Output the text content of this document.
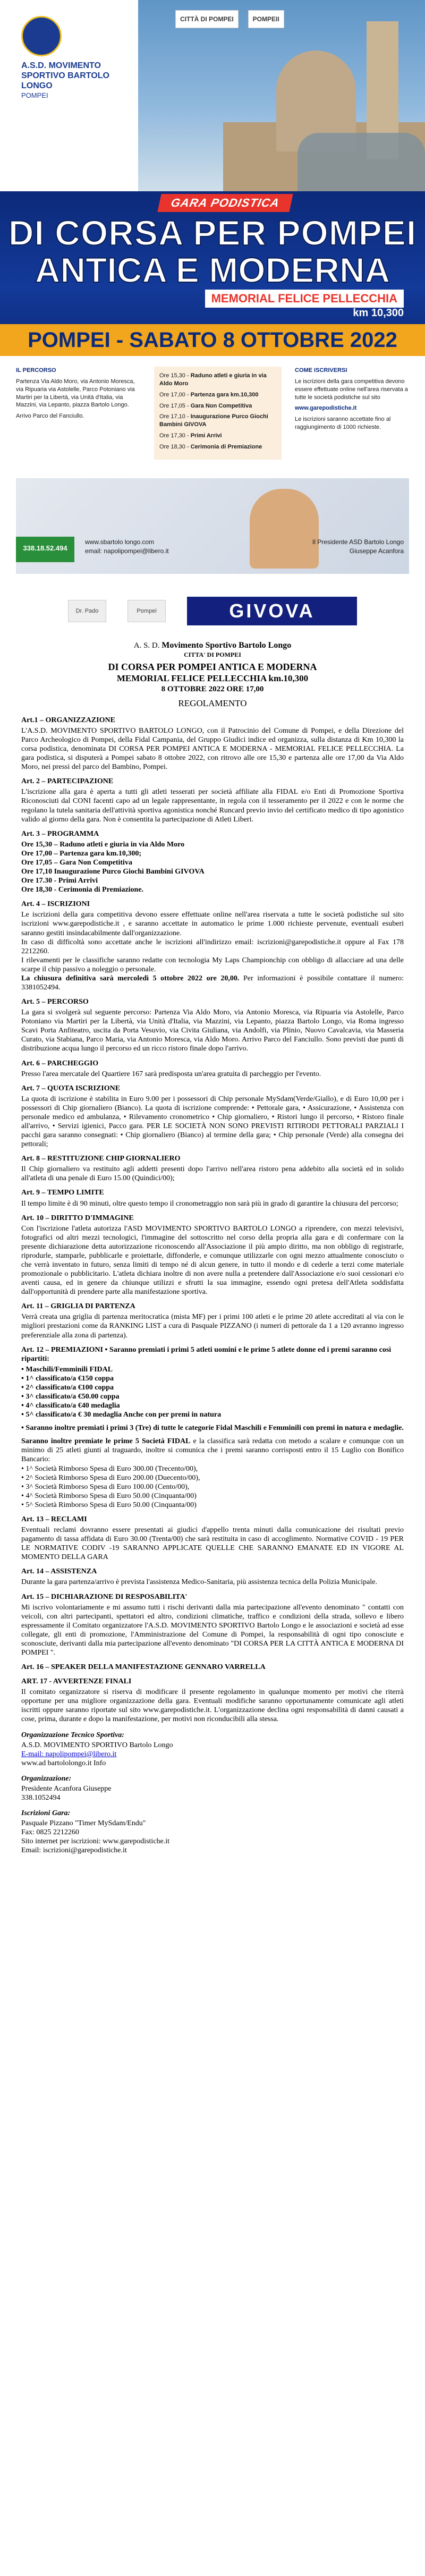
A.S.D. MOVIMENTO SPORTIVO BARTOLO LONGO
POMPEI
CITTÀ DI POMPEI	POMPEII
GARA PODISTICA
DI CORSA PER POMPEI
ANTICA E MODERNA
MEMORIAL FELICE PELLECCHIA
km 10,300
POMPEI - SABATO 8 OTTOBRE 2022
IL PERCORSO

Partenza Via Aldo Moro, via Antonio Moresca, via Ripuaria via Astolelle, Parco Potoniano via Martiri per la Libertà, via Unità d'Italia, via Mazzini, via Lepanto, piazza Bartolo Longo.

Arrivo Parco del Fanciullo.

Ore 15,30 - Raduno atleti e giuria in via Aldo Moro

Ore 17,00 - Partenza gara km.10,300

Ore 17,05 - Gara Non Competitiva

Ore 17,10 - Inaugurazione Purco Giochi Bambini GIVOVA

Ore 17,30 - Primi Arrivi

Ore 18,30 - Cerimonia di Premiazione

COME ISCRIVERSI

Le iscrizioni della gara competitiva devono essere effettuate online nell'area riservata a tutte le società podistiche sul sito

www.garepodistiche.it

Le iscrizioni saranno accettate fino al raggiungimento di 1000 richieste.

338.18.52.494
www.sbartolo longo.com
email: napolipompei@libero.it
Il Presidente ASD Bartolo Longo
Giuseppe Acanfora
Dr. Pado	Pompei	GIVOVA
A. S. D. Movimento Sportivo Bartolo Longo
CITTA' DI POMPEI
DI CORSA PER POMPEI ANTICA E MODERNA
MEMORIAL FELICE PELLECCHIA km.10,300
8 OTTOBRE 2022 ORE 17,00
REGOLAMENTO
Art.1 – ORGANIZZAZIONE

L'A.S.D. MOVIMENTO SPORTIVO BARTOLO LONGO, con il Patrocinio del Comune di Pompei, e della Direzione del Parco Archeologico di Pompei, della Fidal Campania, del Gruppo Giudici indice ed organizza, sulla distanza di Km 10,300 la corsa podistica, denominata DI CORSA PER POMPEI ANTICA E MODERNA - MEMORIAL FELICE PELLECCHIA. La gara podistica, si disputerà a Pompei sabato 8 ottobre 2022, con ritrovo alle ore 15,30 e partenza alle ore 17,00 da Via Aldo Moro, nei pressi del parco del Bambino, Pompei.

Art. 2 – PARTECIPAZIONE

L'iscrizione alla gara è aperta a tutti gli atleti tesserati per società affiliate alla FIDAL e/o Enti di Promozione Sportiva Riconosciuti dal CONI facenti capo ad un legale rappresentante, in regola con il tesseramento per il 2022 e con le norme che regolano la tutela sanitaria dell'attività sportiva agonistica nonché Runcard previo invio del certificato medico di tipo agonistico valido al giorno della gara. Non è consentita la partecipazione di Atleti Liberi.

Art. 3 – PROGRAMMA

Ore 15,30 – Raduno atleti e giuria in via Aldo Moro

Ore 17,00 – Partenza gara km.10,300;

Ore 17,05 – Gara Non Competitiva

Ore 17,10 Inaugurazione Purco Giochi Bambini GIVOVA

Ore 17.30 - Primi Arrivi

Ore 18,30 - Cerimonia di Premiazione.

Art. 4 – ISCRIZIONI

Le iscrizioni della gara competitiva devono essere effettuate online nell'area riservata a tutte le società podistiche sul sito iscrizioni www.garepodistiche.it , e saranno accettate in automatico le prime 1.000 richieste pervenute, eventuali esuberi saranno gestiti insindacabilmente dall'organizzazione.

In caso di difficoltà sono accettate anche le iscrizioni all'indirizzo email: iscrizioni@garepodistiche.it oppure al Fax 178 2212260.

I rilevamenti per le classifiche saranno redatte con tecnologia My Laps Championchip con obbligo di allacciare ad una delle scarpe il chip passivo a noleggio o personale.

La chiusura definitiva sarà mercoledì 5 ottobre 2022 ore 20,00. Per informazioni è possibile contattare il numero: 3381052494.

Art. 5 – PERCORSO

La gara si svolgerà sul seguente percorso: Partenza Via Aldo Moro, via Antonio Moresca, via Ripuaria via Astolelle, Parco Potoniano via Martiri per la Libertà, via Unità d'Italia, via Mazzini, via Lepanto, piazza Bartolo Longo, via Roma ingresso Scavi Porta Anfiteatro, uscita da Porta Vesuvio, via Civita Giuliana, via Andolfi, via Plinio, Nuovo Cavalcavia, via Masseria Curato, via Stabiana, Parco Maria, via Antonio Moresca, via Aldo Moro. Arrivo Parco del Fanciullo. Sono previsti due punti di distribuzione acqua lungo il percorso ed un ricco ristoro finale dopo l'arrivo.

Art. 6 – PARCHEGGIO

Presso l'area mercatale del Quartiere 167 sarà predisposta un'area gratuita di parcheggio per l'evento.

Art. 7 – QUOTA ISCRIZIONE

La quota di iscrizione è stabilita in Euro 9.00 per i possessori di Chip personale MySdam(Verde/Giallo), e di Euro 10,00 per i possessori di Chip giornaliero (Bianco). La quota di iscrizione comprende: • Pettorale gara, • Assicurazione, • Assistenza con personale medico ed ambulanza, • Rilevamento cronometrico • Chip giornaliero, • Ristori lungo il percorso, • Ristoro finale all'arrivo, • Servizi igienici, Pacco gara. PER LE SOCIETÀ NON SONO PREVISTI RITIRODI PETTORALI PARZIALI I pacchi gara saranno consegnati: • Chip giornaliero (Bianco) al termine della gara; • Chip personale (Verde) alla consegna dei pettorali;

Art. 8 – RESTITUZIONE CHIP GIORNALIERO

Il Chip giornaliero va restituito agli addetti presenti dopo l'arrivo nell'area ristoro pena addebito alla società ed in solido all'atleta di una penale di Euro 15.00 (Quindici/00);

Art. 9 – TEMPO LIMITE

Il tempo limite è di 90 minuti, oltre questo tempo il cronometraggio non sarà più in grado di garantire la chiusura del percorso;

Art. 10 – DIRITTO D'IMMAGINE

Con l'iscrizione l'atleta autorizza l'ASD MOVIMENTO SPORTIVO BARTOLO LONGO a riprendere, con mezzi televisivi, fotografici od altri mezzi tecnologici, l'immagine del sottoscritto nel corso della propria alla gara e di confermare con la presente dichiarazione detta autorizzazione riconoscendo all'Associazione il più ampio diritto, ma non obbligo di registrarle, riprodurle, stamparle, pubblicarle e proiettarle, diffonderle, e comunque utilizzarle con ogni mezzo attualmente conosciuto o che verrà inventato in futuro, senza limiti di tempo né di alcun genere, in tutto il mondo e di cederle a terzi come materiale promozionale o pubblicitario. L'atleta dichiara inoltre di non avere nulla a pretendere dall'Associazione e/o suoi cessionari e/o aventi causa, ed in genere da chiunque utilizzi e sfrutti la sua immagine, essendo ogni pretesa dell'Atleta soddisfatta dall'opportunità di prendere parte alla manifestazione sportiva.

Art. 11 – GRIGLIA DI PARTENZA

Verrà creata una griglia di partenza meritocratica (mista MF) per i primi 100 atleti e le prime 20 atlete accreditati al via con le migliori prestazioni come da RANKING LIST a cura di Pasquale PIZZANO (i numeri di pettorale da 1 a 120 avranno ingresso preferenziale alla zona di partenza).

Art. 12 – PREMIAZIONI • Saranno premiati i primi 5 atleti uomini e le prime 5 atlete donne ed i premi saranno così ripartiti:

• Maschili/Femminili FIDAL

• 1^ classificato/a €150 coppa

• 2^ classificato/a €100 coppa

• 3^ classificato/a €50.00 coppa

• 4^ classificato/a €40 medaglia

• 5^ classificato/a € 30 medaglia Anche con per premi in natura

• Saranno inoltre premiati i primi 3 (Tre) di tutte le categorie Fidal Maschili e Femminili con premi in natura e medaglie.

Saranno inoltre premiate le prime 5 Società FIDAL e la classifica sarà redatta con metodo a scalare e comunque con un minimo di 25 atleti giunti al traguardo, inoltre si comunica che i premi saranno corrisposti entro il 15 Luglio con Bonifico Bancario:

• 1^ Società Rimborso Spesa di Euro 300.00 (Trecento/00),

• 2^ Società Rimborso Spesa di Euro 200.00 (Duecento/00),

• 3^ Società Rimborso Spesa di Euro 100.00 (Cento/00),

• 4^ Società Rimborso Spesa di Euro 50.00 (Cinquanta/00)

• 5^ Società Rimborso Spesa di Euro 50.00 (Cinquanta/00)

Art. 13 – RECLAMI

Eventuali reclami dovranno essere presentati ai giudici d'appello trenta minuti dalla comunicazione dei risultati previo pagamento di tassa affidata di Euro 30.00 (Trenta/00) che sarà restituita in caso di accoglimento. Normative COVID - 19 PER LE NORMATIVE CODIV -19 SARANNO APPLICATE QUELLE CHE SARANNO EMANATE ED IN VIGORE AL MOMENTO DELLA GARA

Art. 14 – ASSISTENZA

Durante la gara partenza/arrivo è prevista l'assistenza Medico-Sanitaria, più assistenza tecnica della Polizia Municipale.

Art. 15 – DICHIARAZIONE DI RESPOSABILITA'

Mi iscrivo volontariamente e mi assumo tutti i rischi derivanti dalla mia partecipazione all'evento denominato " contatti con veicoli, con altri partecipanti, spettatori ed altro, condizioni climatiche, traffico e condizioni della strada, sollevo e libero espressamente il Comitato organizzatore l'A.S.D. MOVIMENTO SPORTIVO Bartolo Longo e le associazioni e società ad esse collegate, gli enti di promozione, l'Amministrazione del Comune di Pompei, la responsabilità di ogni tipo conosciute e sconosciute, derivanti dalla mia partecipazione all'evento denominato "DI CORSA PER LA CITTÀ ANTICA E MODERNA DI POMPEI ".

Art. 16 – SPEAKER DELLA MANIFESTAZIONE GENNARO VARRELLA
ART. 17 - AVVERTENZE FINALI

Il comitato organizzatore si riserva di modificare il presente regolamento in qualunque momento per motivi che riterrà opportune per una migliore organizzazione della gara. Eventuali modifiche saranno opportunamente comunicate agli atleti iscritti oppure saranno riportate sul sito www.garepodistiche.it. L'organizzazione declina ogni responsabilità di danni causati a cose, prima, durante e dopo la manifestazione, per motivi non riconducibili alla stessa.

Organizzazione Tecnico Sportiva:

A.S.D. MOVIMENTO SPORTIVO Bartolo Longo

E-mail: napolipompei@libero.it

www.ad bartololongo.it Info

Organizzazione:

Presidente Acanfora Giuseppe

338.1052494

Iscrizioni Gara:

Pasquale Pizzano "Timer MySdam/Endu"

Fax: 0825 2212260

Sito internet per iscrizioni: www.garepodistiche.it

Email: iscrizioni@garepodistiche.it
